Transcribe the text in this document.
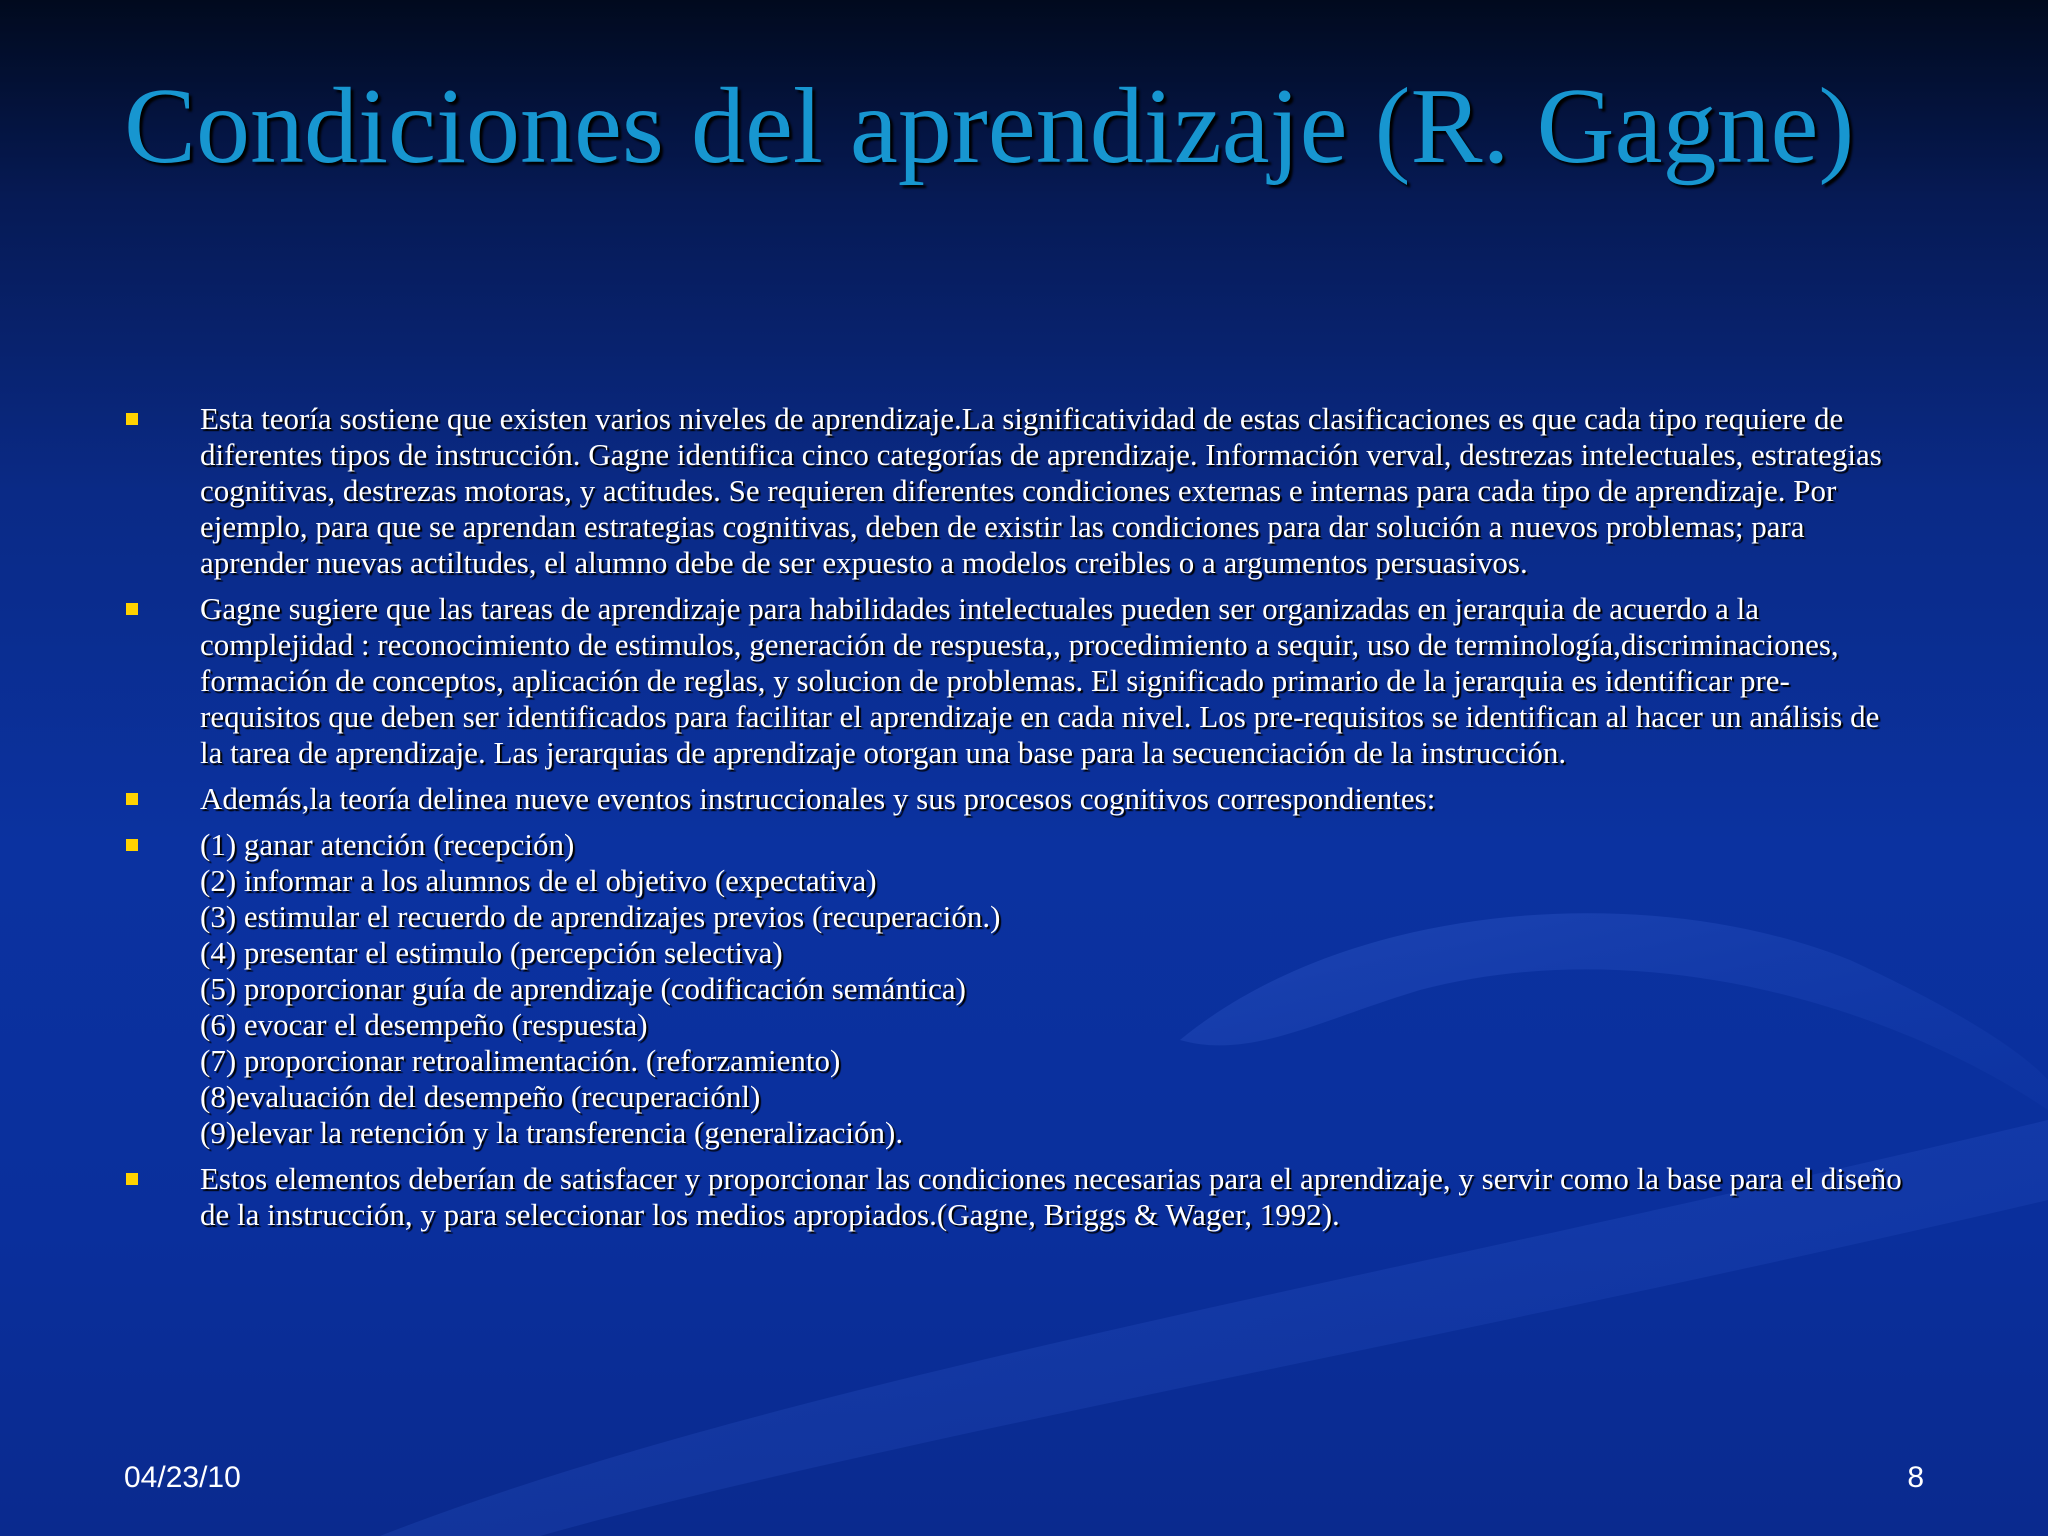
Condiciones del aprendizaje (R. Gagne)
Esta teoría sostiene que existen varios niveles de aprendizaje.La significatividad de estas clasificaciones es que cada tipo requiere de diferentes tipos de instrucción. Gagne identifica cinco categorías de aprendizaje. Información verval, destrezas intelectuales, estrategias cognitivas, destrezas motoras, y actitudes. Se requieren diferentes condiciones externas e internas para cada tipo de aprendizaje. Por ejemplo, para que se aprendan estrategias cognitivas, deben de existir las condiciones para dar solución a nuevos problemas; para aprender nuevas actiltudes, el alumno debe de ser expuesto a modelos creibles o a argumentos persuasivos.
Gagne sugiere que las tareas de aprendizaje para habilidades intelectuales pueden ser organizadas en jerarquia de acuerdo a la complejidad : reconocimiento de estimulos, generación de respuesta,, procedimiento a sequir, uso de terminología,discriminaciones, formación de conceptos, aplicación de reglas, y solucion de problemas. El significado primario de la jerarquia es identificar pre-requisitos que deben ser identificados para facilitar el aprendizaje en cada nivel. Los pre-requisitos se identifican al hacer un análisis de la tarea de aprendizaje. Las jerarquias de aprendizaje otorgan una base para la secuenciación de la instrucción.
Además,la teoría delinea nueve eventos instruccionales y sus procesos cognitivos correspondientes:
(1) ganar atención (recepción)
(2) informar a los alumnos de el objetivo (expectativa)
(3) estimular el recuerdo de aprendizajes previos (recuperación.)
(4) presentar el estimulo (percepción selectiva)
(5) proporcionar guía de aprendizaje (codificación semántica)
(6) evocar el desempeño (respuesta)
(7) proporcionar retroalimentación. (reforzamiento)
(8)evaluación del desempeño (recuperaciónl)
(9)elevar la retención y la transferencia (generalización).
Estos elementos deberían de satisfacer y proporcionar las condiciones necesarias para el aprendizaje, y servir como la base para el diseño de la instrucción, y para seleccionar los medios apropiados.(Gagne, Briggs & Wager, 1992).
04/23/10	8
